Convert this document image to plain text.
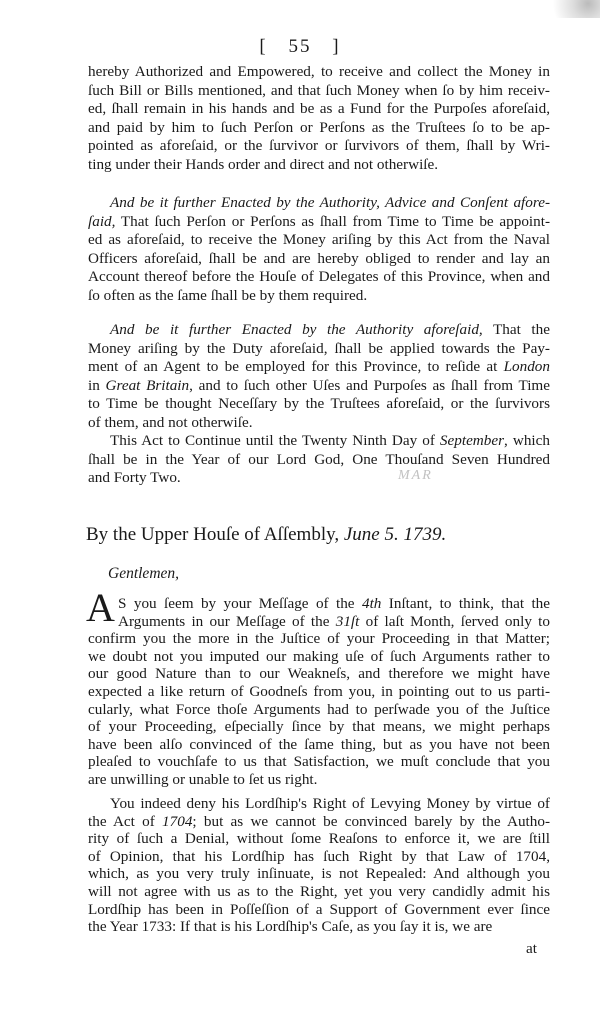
[ 55 ]
hereby Authorized and Empowered, to receive and collect the Money in
ſuch Bill or Bills mentioned, and that ſuch Money when ſo by him receiv-
ed, ſhall remain in his hands and be as a Fund for the Purpoſes aforeſaid,
and paid by him to ſuch Perſon or Perſons as the Truſtees ſo to be ap-
pointed as aforeſaid, or the ſurvivor or ſurvivors of them, ſhall by Wri-
ting under their Hands order and direct and not otherwiſe.
And be it further Enacted by the Authority, Advice and Conſent afore-
ſaid, That ſuch Perſon or Perſons as ſhall from Time to Time be appoint-
ed as aforeſaid, to receive the Money ariſing by this Act from the Naval
Officers aforeſaid, ſhall be and are hereby obliged to render and lay an
Account thereof before the Houſe of Delegates of this Province, when and
ſo often as the ſame ſhall be by them required.
And be it further Enacted by the Authority aforeſaid, That the
Money ariſing by the Duty aforeſaid, ſhall be applied towards the Pay-
ment of an Agent to be employed for this Province, to reſide at London
in Great Britain, and to ſuch other Uſes and Purpoſes as ſhall from Time
to Time be thought Neceſſary by the Truſtees aforeſaid, or the ſurvivors
of them, and not otherwiſe.
This Act to Continue until the Twenty Ninth Day of September, which
ſhall be in the Year of our Lord God, One Thouſand Seven Hundred
and Forty Two.	MAR
By the Upper Houſe of Aſſembly, June 5. 1739.
Gentlemen,
A S you ſeem by your Meſſage of the 4th Inſtant, to think, that the
Arguments in our Meſſage of the 31ſt of laſt Month, ſerved only to
confirm you the more in the Juſtice of your Proceeding in that Matter;
we doubt not you imputed our making uſe of ſuch Arguments rather to
our good Nature than to our Weakneſs, and therefore we might have
expected a like return of Goodneſs from you, in pointing out to us parti-
cularly, what Force thoſe Arguments had to perſwade you of the Juſtice
of your Proceeding, eſpecially ſince by that means, we might perhaps
have been alſo convinced of the ſame thing, but as you have not been
pleaſed to vouchſafe to us that Satisfaction, we muſt conclude that you
are unwilling or unable to ſet us right.
You indeed deny his Lordſhip's Right of Levying Money by virtue of
the Act of 1704; but as we cannot be convinced barely by the Autho-
rity of ſuch a Denial, without ſome Reaſons to enforce it, we are ſtill
of Opinion, that his Lordſhip has ſuch Right by that Law of 1704,
which, as you very truly inſinuate, is not Repealed: And although you
will not agree with us as to the Right, yet you very candidly admit his
Lordſhip has been in Poſſeſſion of a Support of Government ever ſince
the Year 1733: If that is his Lordſhip's Caſe, as you ſay it is, we are
at
